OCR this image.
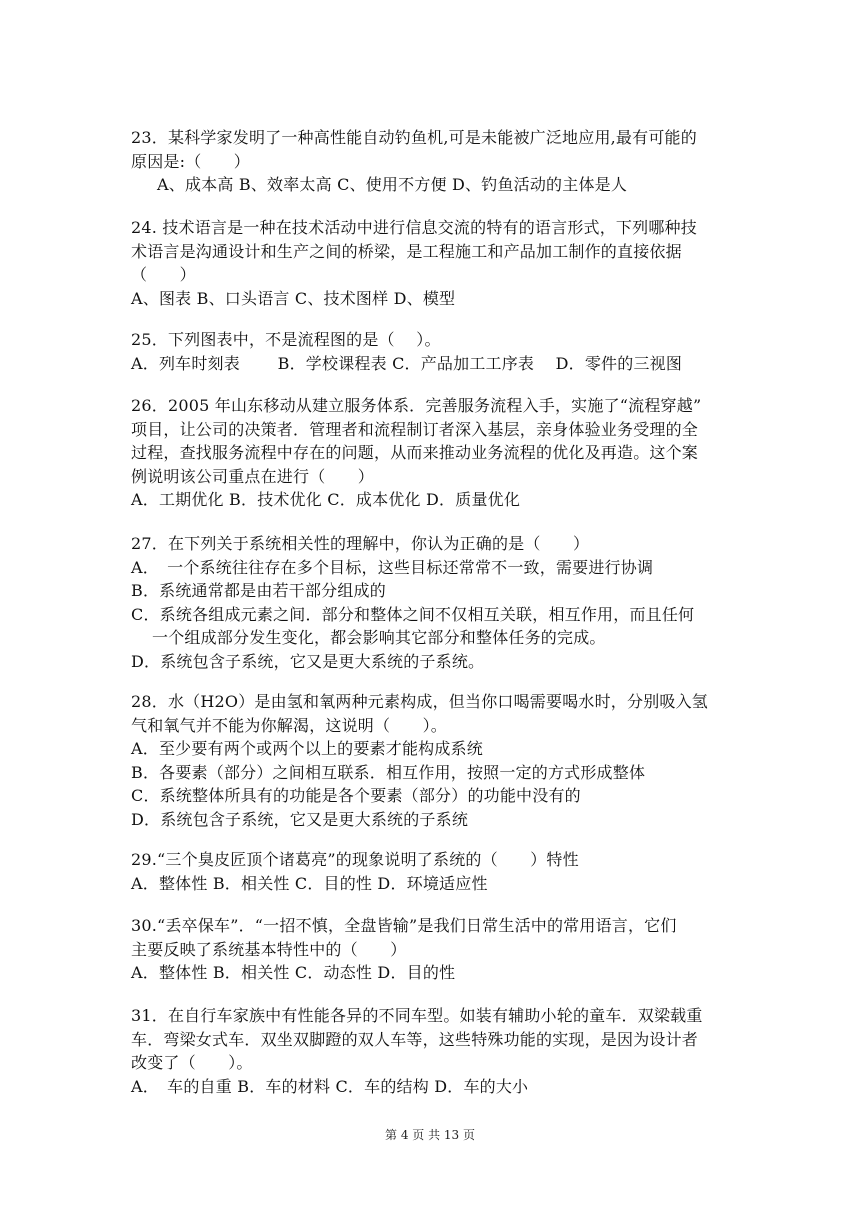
23．某科学家发明了一种高性能自动钓鱼机,可是未能被广泛地应用,最有可能的
原因是:（　　）
A、成本高 B、效率太高 C、使用不方便 D、钓鱼活动的主体是人
24. 技术语言是一种在技术活动中进行信息交流的特有的语言形式，下列哪种技
术语言是沟通设计和生产之间的桥梁，是工程施工和产品加工制作的直接依据
（　　）
A、图表 B、口头语言 C、技术图样 D、模型
25．下列图表中，不是流程图的是（　 ）。
A．列车时刻表　　 B．学校课程表 C．产品加工工序表　 D．零件的三视图
26．2005 年山东移动从建立服务体系．完善服务流程入手，实施了“流程穿越”
项目，让公司的决策者．管理者和流程制订者深入基层，亲身体验业务受理的全
过程，查找服务流程中存在的问题，从而来推动业务流程的优化及再造。这个案
例说明该公司重点在进行（　　）
A．工期优化 B．技术优化 C．成本优化 D．质量优化
27．在下列关于系统相关性的理解中，你认为正确的是（　　）
A．　一个系统往往存在多个目标，这些目标还常常不一致，需要进行协调
B．系统通常都是由若干部分组成的
C．系统各组成元素之间．部分和整体之间不仅相互关联，相互作用，而且任何
一个组成部分发生变化，都会影响其它部分和整体任务的完成。
D．系统包含子系统，它又是更大系统的子系统。
28．水（H2O）是由氢和氧两种元素构成，但当你口喝需要喝水时，分别吸入氢
气和氧气并不能为你解渴，这说明（　　）。
A．至少要有两个或两个以上的要素才能构成系统
B．各要素（部分）之间相互联系．相互作用，按照一定的方式形成整体
C．系统整体所具有的功能是各个要素（部分）的功能中没有的
D．系统包含子系统，它又是更大系统的子系统
29.“三个臭皮匠顶个诸葛亮”的现象说明了系统的（　　）特性
A．整体性 B．相关性 C．目的性 D．环境适应性
30.“丢卒保车”．“一招不慎，全盘皆输”是我们日常生活中的常用语言，它们
主要反映了系统基本特性中的（　　）
A．整体性 B．相关性 C．动态性 D．目的性
31．在自行车家族中有性能各异的不同车型。如装有辅助小轮的童车．双梁载重
车．弯梁女式车．双坐双脚蹬的双人车等，这些特殊功能的实现，是因为设计者
改变了（　　）。
A．　车的自重 B．车的材料 C．车的结构 D．车的大小
第 4 页 共 13 页
